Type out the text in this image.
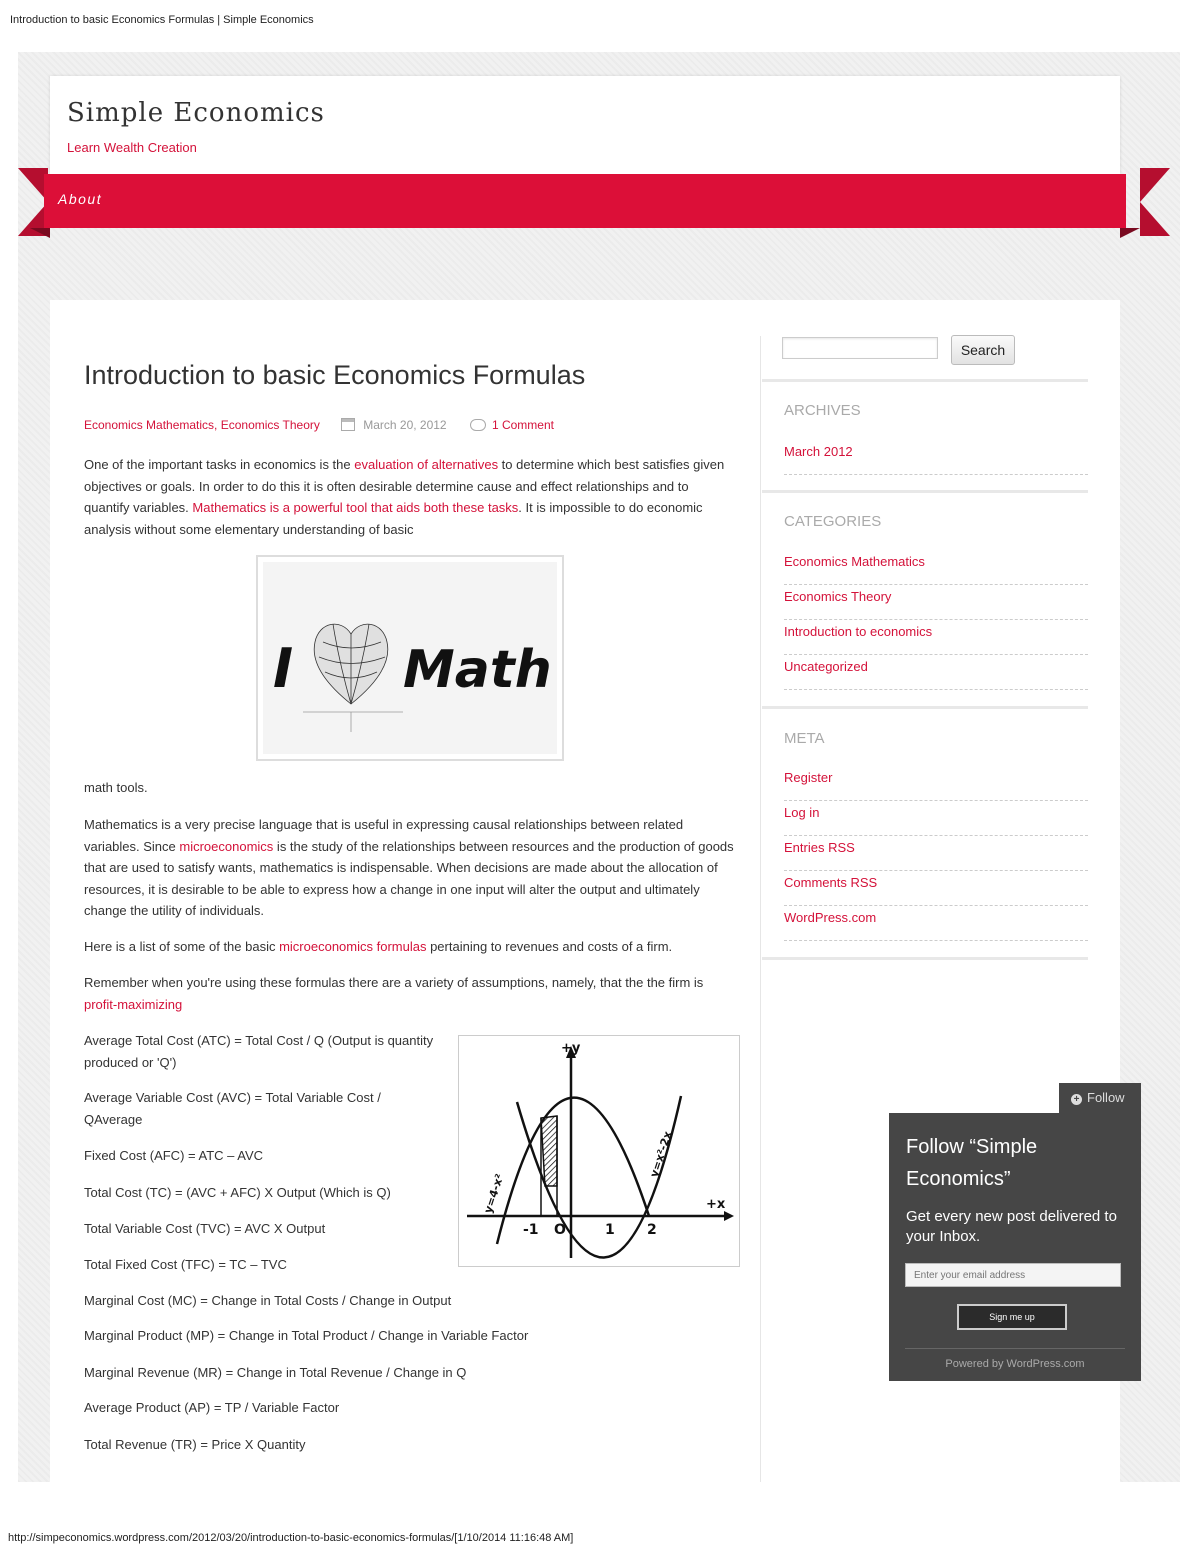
Introduction to basic Economics Formulas | Simple Economics
Simple Economics
Learn Wealth Creation
About
Introduction to basic Economics Formulas
Economics Mathematics, Economics Theory	March 20, 2012	1 Comment

One of the important tasks in economics is the evaluation of alternatives to determine which best satisfies given objectives or goals. In order to do this it is often desirable determine cause and effect relationships and to quantify variables. Mathematics is a powerful tool that aids both these tasks. It is impossible to do economic analysis without some elementary understanding of basic

I Math

math tools.

Mathematics is a very precise language that is useful in expressing causal relationships between related variables. Since microeconomics is the study of the relationships between resources and the production of goods that are used to satisfy wants, mathematics is indispensable. When decisions are made about the allocation of resources, it is desirable to be able to express how a change in one input will alter the output and ultimately change the utility of individuals.

Here is a list of some of the basic microeconomics formulas pertaining to revenues and costs of a firm.

Remember when you're using these formulas there are a variety of assumptions, namely, that the the firm is profit-maximizing

Average Total Cost (ATC) = Total Cost / Q (Output is quantity produced or 'Q')

Average Variable Cost (AVC) = Total Variable Cost / QAverage

Fixed Cost (AFC) = ATC – AVC

Total Cost (TC) = (AVC + AFC) X Output (Which is Q)

Total Variable Cost (TVC) = AVC X Output

Total Fixed Cost (TFC) = TC – TVC

Marginal Cost (MC) = Change in Total Costs / Change in Output

Marginal Product (MP) = Change in Total Product / Change in Variable Factor

Marginal Revenue (MR) = Change in Total Revenue / Change in Q

Average Product (AP) = TP / Variable Factor

Total Revenue (TR) = Price X Quantity

+y
+x
-1 O	1 2
y=4-x²
y=x²-2x
Search
ARCHIVES
March 2012
CATEGORIES
Economics Mathematics
Economics Theory
Introduction to economics
Uncategorized
META
Register
Log in
Entries RSS
Comments RSS
WordPress.com
+ Follow
Follow “Simple Economics”

Get every new post delivered to your Inbox.

Enter your email address
Sign me up
Powered by WordPress.com
http://simpeconomics.wordpress.com/2012/03/20/introduction-to-basic-economics-formulas/[1/10/2014 11:16:48 AM]
